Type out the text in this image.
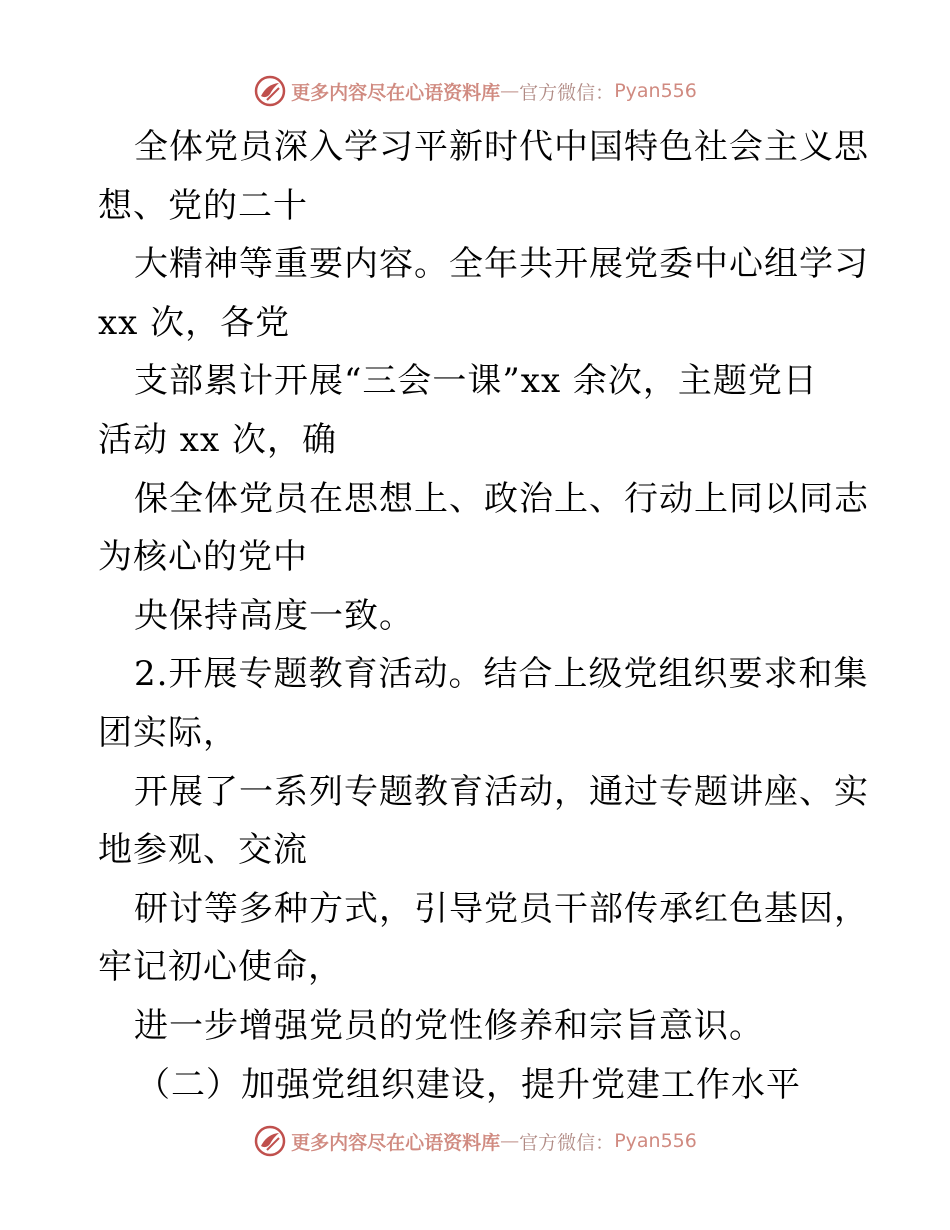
更多内容尽在心语资料库 — 官方微信： Pyan556
全体党员深入学习平新时代中国特色社会主义思
想、党的二十
大精神等重要内容。全年共开展党委中心组学习
xx 次，各党
支部累计开展“三会一课”xx 余次，主题党日
活动 xx 次，确
保全体党员在思想上、政治上、行动上同以同志
为核心的党中
央保持高度一致。
2.开展专题教育活动。结合上级党组织要求和集
团实际，
开展了一系列专题教育活动，通过专题讲座、实
地参观、交流
研讨等多种方式，引导党员干部传承红色基因，
牢记初心使命，
进一步增强党员的党性修养和宗旨意识。
（二）加强党组织建设，提升党建工作水平
更多内容尽在心语资料库 — 官方微信： Pyan556
